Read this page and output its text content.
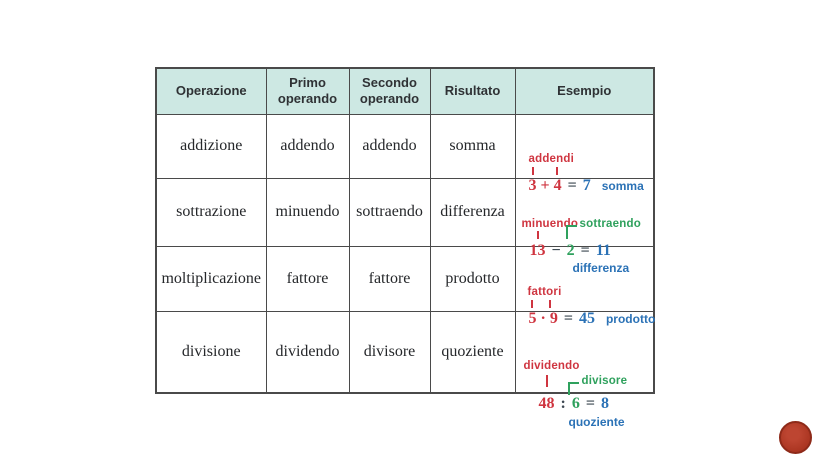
Operazione	Primo operando	Secondo operando	Risultato	Esempio
addizione	addendo	addendo	somma	addendi
3 + 4 = 7 somma

sottrazione	minuendo	sottraendo	differenza	minuendo sottraendo
13 − 2 = 11
differenza

moltiplicazione	fattore	fattore	prodotto	fattori
5 · 9 = 45 prodotto

divisione	dividendo	divisore	quoziente	dividendo
divisore
48 : 6 = 8
quoziente
